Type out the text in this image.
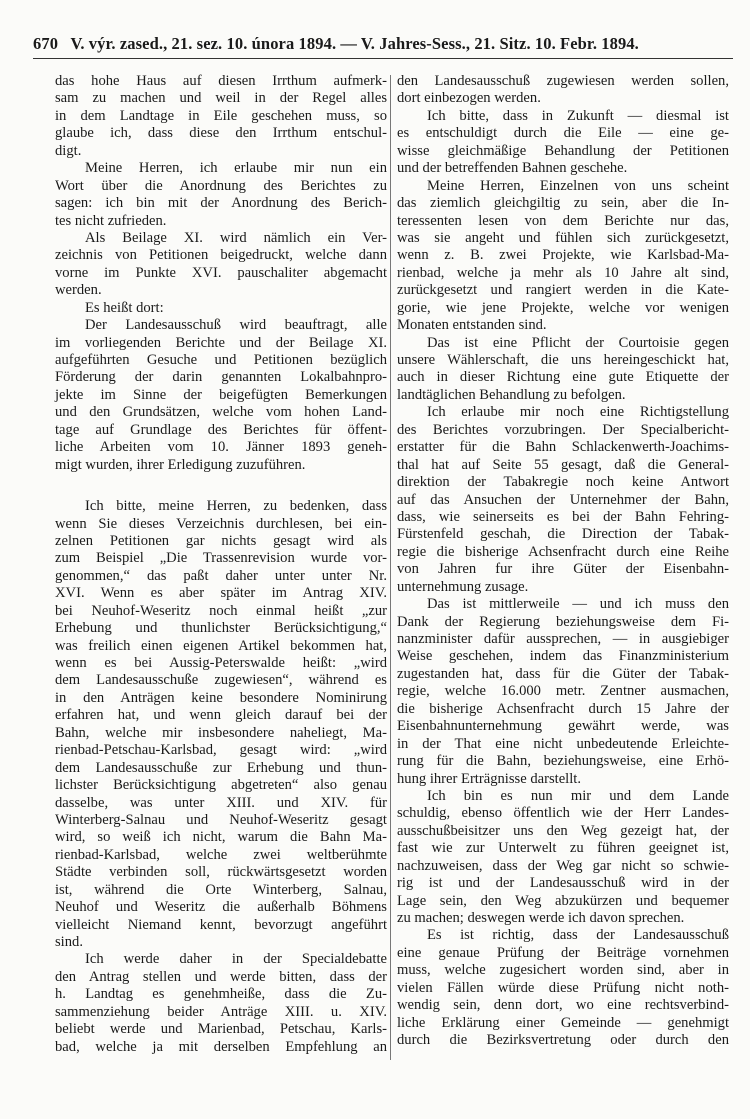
670 V. výr. zased., 21. sez. 10. února 1894. — V. Jahres-Sess., 21. Sitz. 10. Febr. 1894.
das hohe Haus auf diesen Irrthum aufmerk-
sam zu machen und weil in der Regel alles
in dem Landtage in Eile geschehen muss, so
glaube ich, dass diese den Irrthum entschul-
digt.
Meine Herren, ich erlaube mir nun ein
Wort über die Anordnung des Berichtes zu
sagen: ich bin mit der Anordnung des Berich-
tes nicht zufrieden.
Als Beilage XI. wird nämlich ein Ver-
zeichnis von Petitionen beigedruckt, welche dann
vorne im Punkte XVI. pauschaliter abgemacht
werden.
Es heißt dort:
Der Landesausschuß wird beauftragt, alle
im vorliegenden Berichte und der Beilage XI.
aufgeführten Gesuche und Petitionen bezüglich
Förderung der darin genannten Lokalbahnpro-
jekte im Sinne der beigefügten Bemerkungen
und den Grundsätzen, welche vom hohen Land-
tage auf Grundlage des Berichtes für öffent-
liche Arbeiten vom 10. Jänner 1893 geneh-
migt wurden, ihrer Erledigung zuzuführen.
Ich bitte, meine Herren, zu bedenken, dass
wenn Sie dieses Verzeichnis durchlesen, bei ein-
zelnen Petitionen gar nichts gesagt wird als
zum Beispiel „Die Trassenrevision wurde vor-
genommen,“ das paßt daher unter unter Nr.
XVI. Wenn es aber später im Antrag XIV.
bei Neuhof-Weseritz noch einmal heißt „zur
Erhebung und thunlichster Berücksichtigung,“
was freilich einen eigenen Artikel bekommen hat,
wenn es bei Aussig-Peterswalde heißt: „wird
dem Landesausschuße zugewiesen“, während es
in den Anträgen keine besondere Nominirung
erfahren hat, und wenn gleich darauf bei der
Bahn, welche mir insbesondere naheliegt, Ma-
rienbad-Petschau-Karlsbad, gesagt wird: „wird
dem Landesausschuße zur Erhebung und thun-
lichster Berücksichtigung abgetreten“ also genau
dasselbe, was unter XIII. und XIV. für
Winterberg-Salnau und Neuhof-Weseritz gesagt
wird, so weiß ich nicht, warum die Bahn Ma-
rienbad-Karlsbad, welche zwei weltberühmte
Städte verbinden soll, rückwärtsgesetzt worden
ist, während die Orte Winterberg, Salnau,
Neuhof und Weseritz die außerhalb Böhmens
vielleicht Niemand kennt, bevorzugt angeführt
sind.
Ich werde daher in der Specialdebatte
den Antrag stellen und werde bitten, dass der
h. Landtag es genehmheiße, dass die Zu-
sammenziehung beider Anträge XIII. u. XIV.
beliebt werde und Marienbad, Petschau, Karls-
bad, welche ja mit derselben Empfehlung an
den Landesausschuß zugewiesen werden sollen,
dort einbezogen werden.
Ich bitte, dass in Zukunft — diesmal ist
es entschuldigt durch die Eile — eine ge-
wisse gleichmäßige Behandlung der Petitionen
und der betreffenden Bahnen geschehe.
Meine Herren, Einzelnen von uns scheint
das ziemlich gleichgiltig zu sein, aber die In-
teressenten lesen von dem Berichte nur das,
was sie angeht und fühlen sich zurückgesetzt,
wenn z. B. zwei Projekte, wie Karlsbad-Ma-
rienbad, welche ja mehr als 10 Jahre alt sind,
zurückgesetzt und rangiert werden in die Kate-
gorie, wie jene Projekte, welche vor wenigen
Monaten entstanden sind.
Das ist eine Pflicht der Courtoisie gegen
unsere Wählerschaft, die uns hereingeschickt hat,
auch in dieser Richtung eine gute Etiquette der
landtäglichen Behandlung zu befolgen.
Ich erlaube mir noch eine Richtigstellung
des Berichtes vorzubringen. Der Specialbericht-
erstatter für die Bahn Schlackenwerth-Joachims-
thal hat auf Seite 55 gesagt, daß die General-
direktion der Tabakregie noch keine Antwort
auf das Ansuchen der Unternehmer der Bahn,
dass, wie seinerseits es bei der Bahn Fehring-
Fürstenfeld geschah, die Direction der Tabak-
regie die bisherige Achsenfracht durch eine Reihe
von Jahren fur ihre Güter der Eisenbahn-
unternehmung zusage.
Das ist mittlerweile — und ich muss den
Dank der Regierung beziehungsweise dem Fi-
nanzminister dafür aussprechen, — in ausgiebiger
Weise geschehen, indem das Finanzministerium
zugestanden hat, dass für die Güter der Tabak-
regie, welche 16.000 metr. Zentner ausmachen,
die bisherige Achsenfracht durch 15 Jahre der
Eisenbahnunternehmung gewährt werde, was
in der That eine nicht unbedeutende Erleichte-
rung für die Bahn, beziehungsweise, eine Erhö-
hung ihrer Erträgnisse darstellt.
Ich bin es nun mir und dem Lande
schuldig, ebenso öffentlich wie der Herr Landes-
ausschußbeisitzer uns den Weg gezeigt hat, der
fast wie zur Unterwelt zu führen geeignet ist,
nachzuweisen, dass der Weg gar nicht so schwie-
rig ist und der Landesausschuß wird in der
Lage sein, den Weg abzukürzen und bequemer
zu machen; deswegen werde ich davon sprechen.
Es ist richtig, dass der Landesausschuß
eine genaue Prüfung der Beiträge vornehmen
muss, welche zugesichert worden sind, aber in
vielen Fällen würde diese Prüfung nicht noth-
wendig sein, denn dort, wo eine rechtsverbind-
liche Erklärung einer Gemeinde — genehmigt
durch die Bezirksvertretung oder durch den
